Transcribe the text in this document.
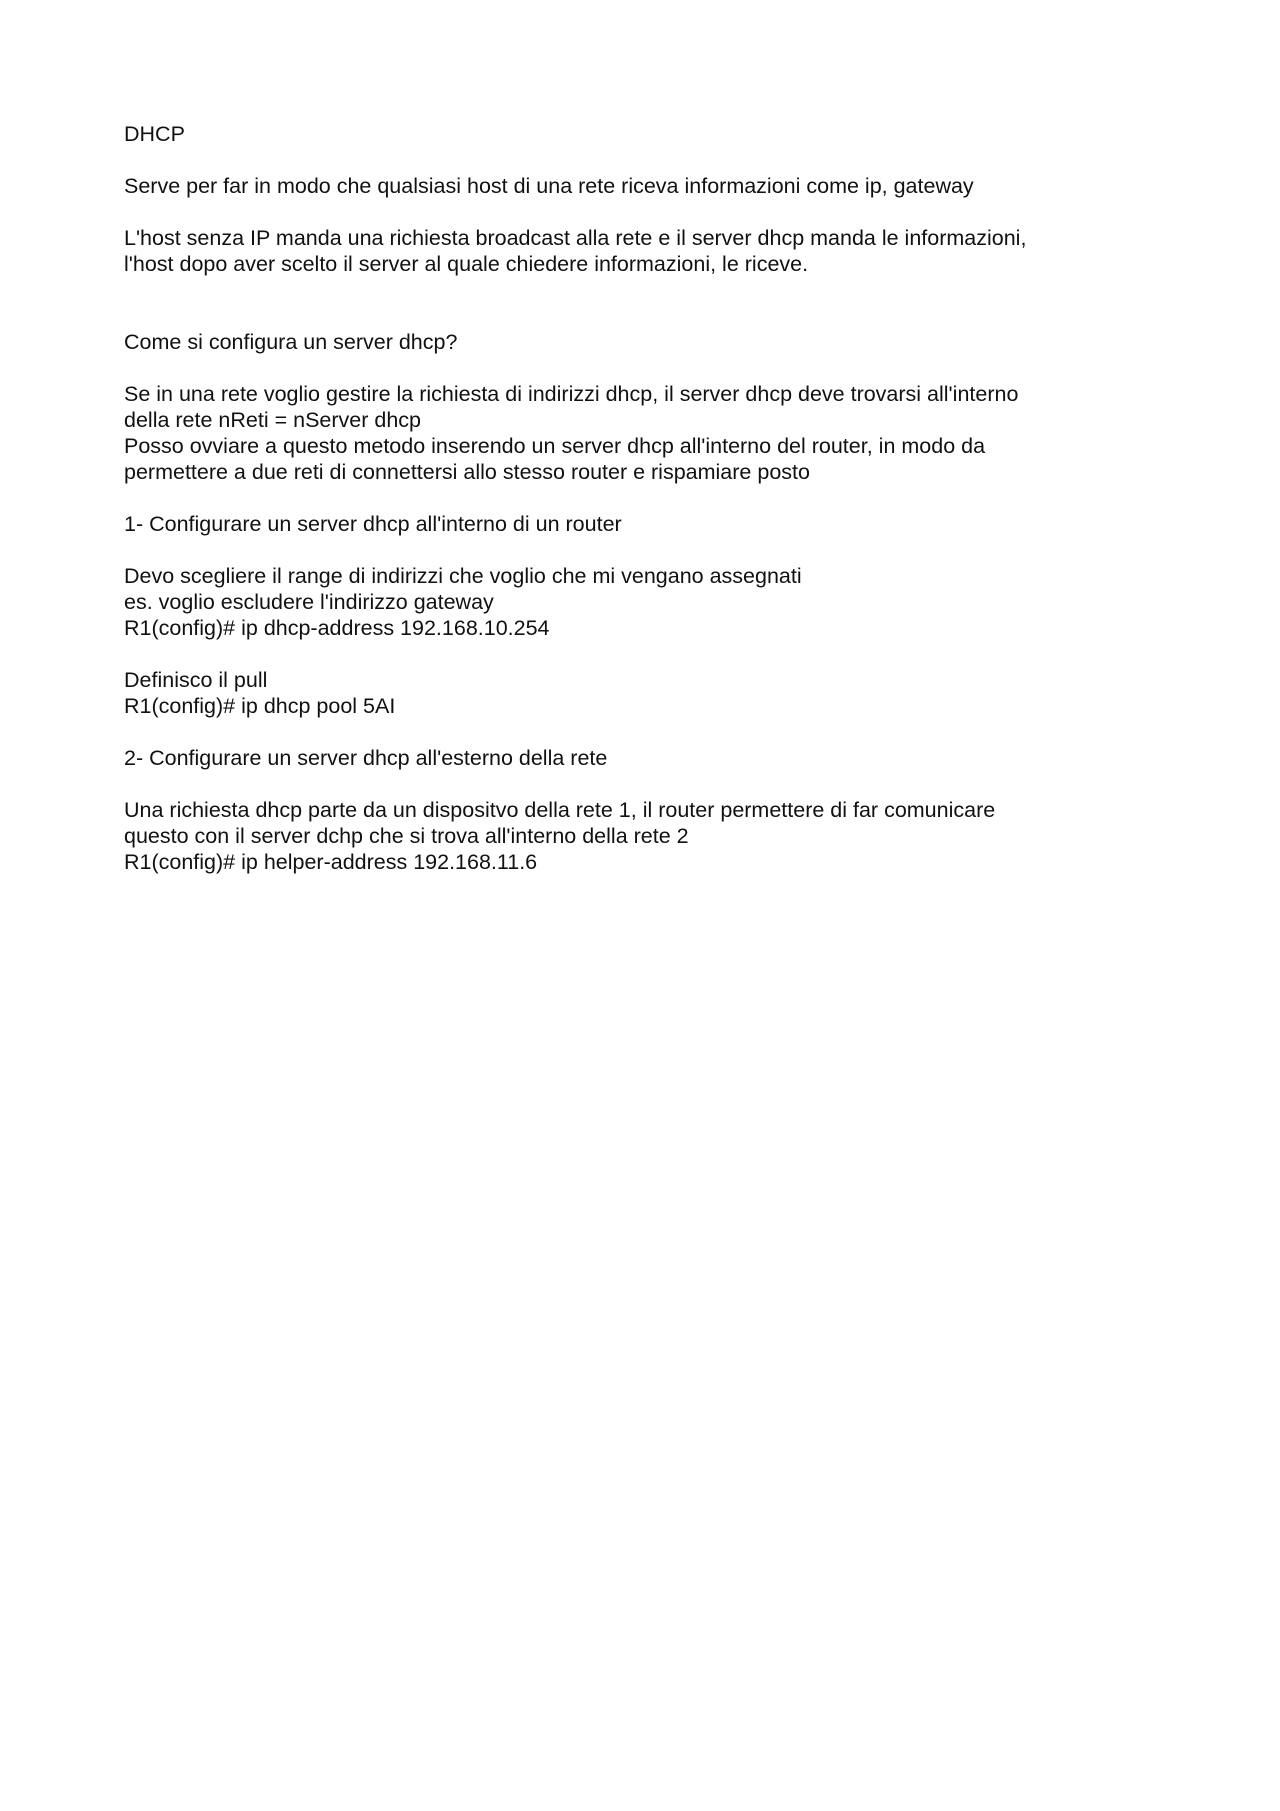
DHCP
Serve per far in modo che qualsiasi host di una rete riceva informazioni come ip, gateway
L'host senza IP manda una richiesta broadcast alla rete e il server dhcp manda le informazioni,
l'host dopo aver scelto il server al quale chiedere informazioni, le riceve.
Come si configura un server dhcp?
Se in una rete voglio gestire la richiesta di indirizzi dhcp, il server dhcp deve trovarsi all'interno
della rete nReti = nServer dhcp
Posso ovviare a questo metodo inserendo un server dhcp all'interno del router, in modo da
permettere a due reti di connettersi allo stesso router e rispamiare posto
1- Configurare un server dhcp all'interno di un router
Devo scegliere il range di indirizzi che voglio che mi vengano assegnati
es. voglio escludere l'indirizzo gateway
R1(config)# ip dhcp-address 192.168.10.254
Definisco il pull
R1(config)# ip dhcp pool 5AI
2- Configurare un server dhcp all'esterno della rete
Una richiesta dhcp parte da un dispositvo della rete 1, il router permettere di far comunicare
questo con il server dchp che si trova all'interno della rete 2
R1(config)# ip helper-address 192.168.11.6
